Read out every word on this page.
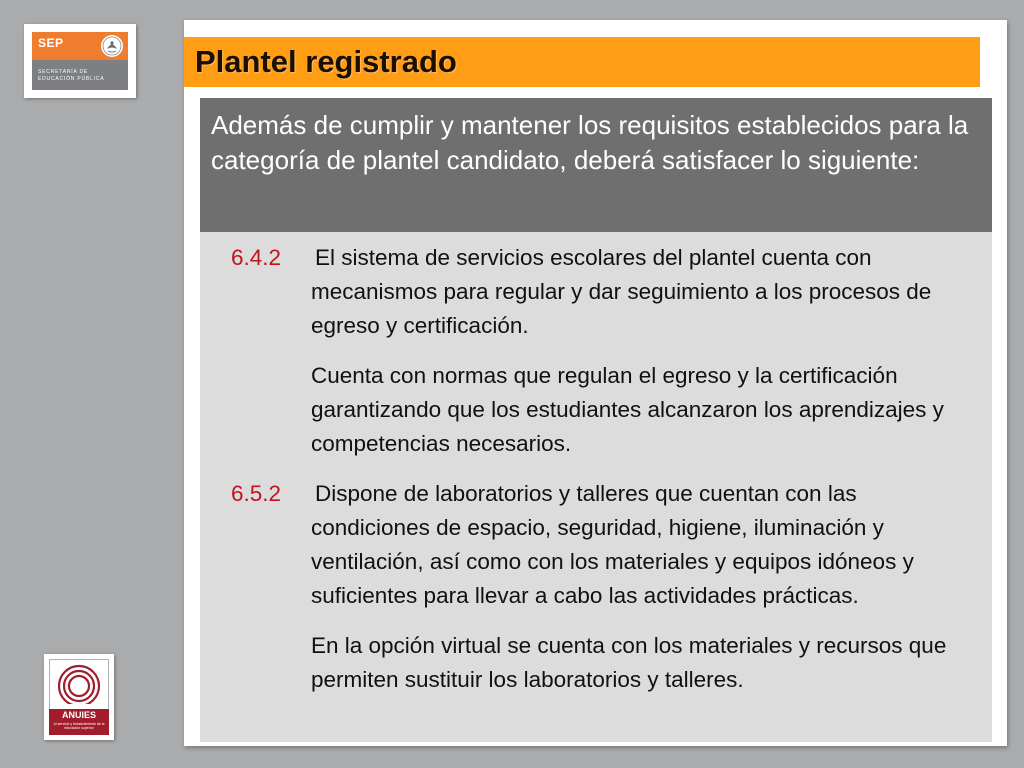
SEP
SECRETARÍA DE
EDUCACIÓN PÚBLICA
ANUIES
Al servicio y fortalecimiento de la educación superior
Plantel registrado

Además de cumplir y mantener los requisitos establecidos para la categoría de plantel candidato, deberá satisfacer lo siguiente:

6.4.2 El sistema de servicios escolares del plantel cuenta con mecanismos para regular y dar seguimiento a los procesos de egreso y certificación.

Cuenta con normas que regulan el egreso y la certificación garantizando que los estudiantes alcanzaron los aprendizajes y competencias necesarios.

6.5.2 Dispone de laboratorios y talleres que cuentan con las condiciones de espacio, seguridad, higiene, iluminación y ventilación, así como con los materiales y equipos idóneos y suficientes para llevar a cabo las actividades prácticas.

En la opción virtual se cuenta con los materiales y recursos que permiten sustituir los laboratorios y talleres.
